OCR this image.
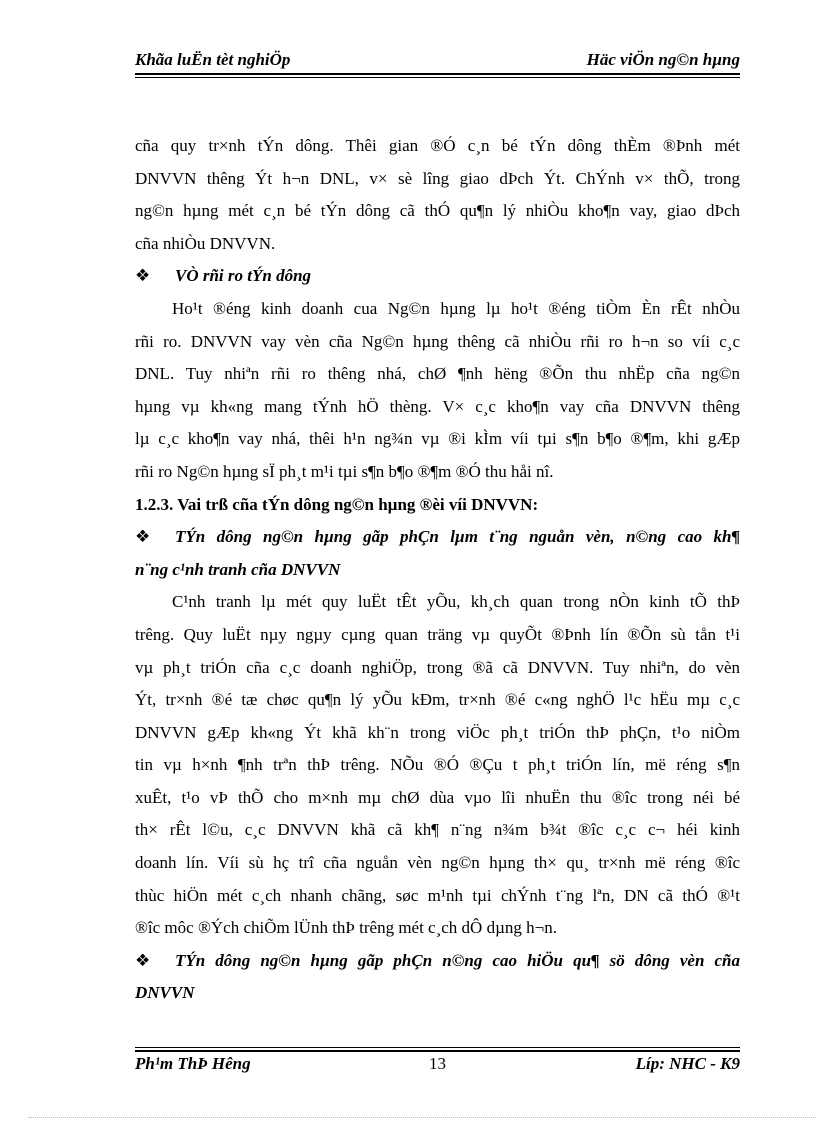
Khãa luËn tèt nghiÖp	Häc viÖn ng©n hµng
cña quy tr×nh tÝn dông. Thêi gian ®Ó c¸n bé tÝn dông thÈm ®Þnh mét
DNVVN thêng Ýt h¬n DNL, v× sè lîng giao dÞch Ýt. ChÝnh v× thÕ, trong
ng©n hµng mét c¸n bé tÝn dông cã thÓ qu¶n lý nhiÒu kho¶n vay, giao dÞch
cña nhiÒu DNVVN.
❖ VÒ rñi ro tÝn dông
Ho¹t ®éng kinh doanh cua Ng©n hµng lµ ho¹t ®éng tiÒm Èn rÊt nhÒu
rñi ro. DNVVN vay vèn cña Ng©n hµng thêng cã nhiÒu rñi ro h¬n so víi c¸c
DNL. Tuy nhiªn rñi ro thêng nhá, chØ ¶nh hëng ®Õn thu nhËp cña ng©n
hµng vµ kh«ng mang tÝnh hÖ thèng. V× c¸c kho¶n vay cña DNVVN thêng
lµ c¸c kho¶n vay nhá, thêi h¹n ng¾n vµ ®i kÌm víi tµi s¶n b¶o ®¶m, khi gÆp
rñi ro Ng©n hµng sÏ ph¸t m¹i tµi s¶n b¶o ®¶m ®Ó thu håi nî.
1.2.3. Vai trß cña tÝn dông ng©n hµng ®èi víi DNVVN:
❖ TÝn dông ng©n hµng gãp phÇn lµm t¨ng nguån vèn, n©ng cao kh¶
n¨ng c¹nh tranh cña DNVVN
C¹nh tranh lµ mét quy luËt tÊt yÕu, kh¸ch quan trong nÒn kinh tÕ thÞ
trêng. Quy luËt nµy ngµy cµng quan träng vµ quyÕt ®Þnh lín ®Õn sù tån t¹i
vµ ph¸t triÓn cña c¸c doanh nghiÖp, trong ®ã cã DNVVN. Tuy nhiªn, do vèn
Ýt, tr×nh ®é tæ chøc qu¶n lý yÕu kÐm, tr×nh ®é c«ng nghÖ l¹c hËu mµ c¸c
DNVVN gÆp kh«ng Ýt khã kh¨n trong viÖc ph¸t triÓn thÞ phÇn, t¹o niÒm
tin vµ h×nh ¶nh trªn thÞ trêng. NÕu ®Ó ®Çu t ph¸t triÓn lín, më réng s¶n
xuÊt, t¹o vÞ thÕ cho m×nh mµ chØ dùa vµo lîi nhuËn thu ®îc trong néi bé
th× rÊt l©u, c¸c DNVVN khã cã kh¶ n¨ng n¾m b¾t ®îc c¸c c¬ héi kinh
doanh lín. Víi sù hç trî cña nguån vèn ng©n hµng th× qu¸ tr×nh më réng ®îc
thùc hiÖn mét c¸ch nhanh chãng, søc m¹nh tµi chÝnh t¨ng lªn, DN cã thÓ ®¹t
®îc môc ®Ých chiÕm lÜnh thÞ trêng mét c¸ch dÔ dµng h¬n.
❖ TÝn dông ng©n hµng gãp phÇn n©ng cao hiÖu qu¶ sö dông vèn cña
DNVVN
13
Ph¹m ThÞ Hêng	Líp: NHC - K9
